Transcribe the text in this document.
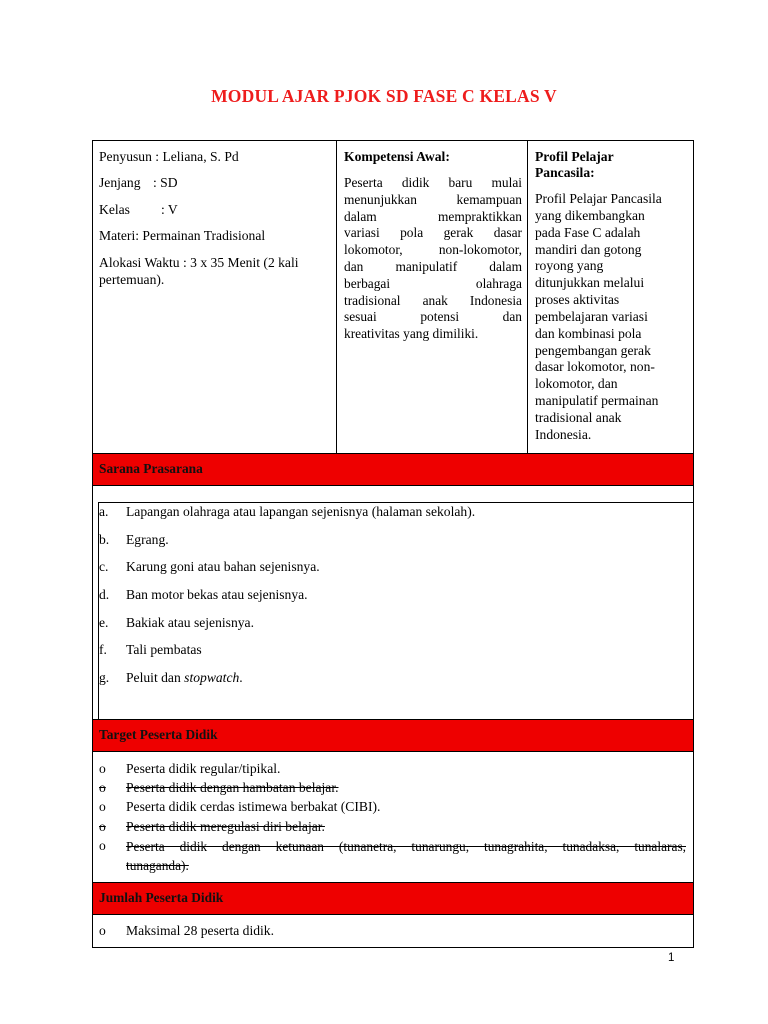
MODUL AJAR PJOK SD FASE C KELAS V
Penyusun : Leliana, S. Pd
Jenjang : SD
Kelas : V
Materi: Permainan Tradisional
Alokasi Waktu : 3 x 35 Menit (2 kali
pertemuan).
Kompetensi Awal:
Peserta didik baru mulai
menunjukkan kemampuan
dalam mempraktikkan
variasi pola gerak dasar
lokomotor, non-lokomotor,
dan manipulatif dalam
berbagai olahraga
tradisional anak Indonesia
sesuai potensi dan
kreativitas yang dimiliki.
Profil Pelajar
Pancasila:
Profil Pelajar Pancasila
yang dikembangkan
pada Fase C adalah
mandiri dan gotong
royong yang
ditunjukkan melalui
proses aktivitas
pembelajaran variasi
dan kombinasi pola
pengembangan gerak
dasar lokomotor, non-
lokomotor, dan
manipulatif permainan
tradisional anak
Indonesia.
Sarana Prasarana
a. Lapangan olahraga atau lapangan sejenisnya (halaman sekolah).
b. Egrang.
c. Karung goni atau bahan sejenisnya.
d. Ban motor bekas atau sejenisnya.
e. Bakiak atau sejenisnya.
f. Tali pembatas
g. Peluit dan stopwatch.
Target Peserta Didik
o Peserta didik regular/tipikal.
o Peserta didik dengan hambatan belajar.
o Peserta didik cerdas istimewa berbakat (CIBI).
o Peserta didik meregulasi diri belajar.
o Peserta didik dengan ketunaan (tunanetra, tunarungu, tunagrahita, tunadaksa, tunalaras,
tunaganda).
Jumlah Peserta Didik
o Maksimal 28 peserta didik.
1
